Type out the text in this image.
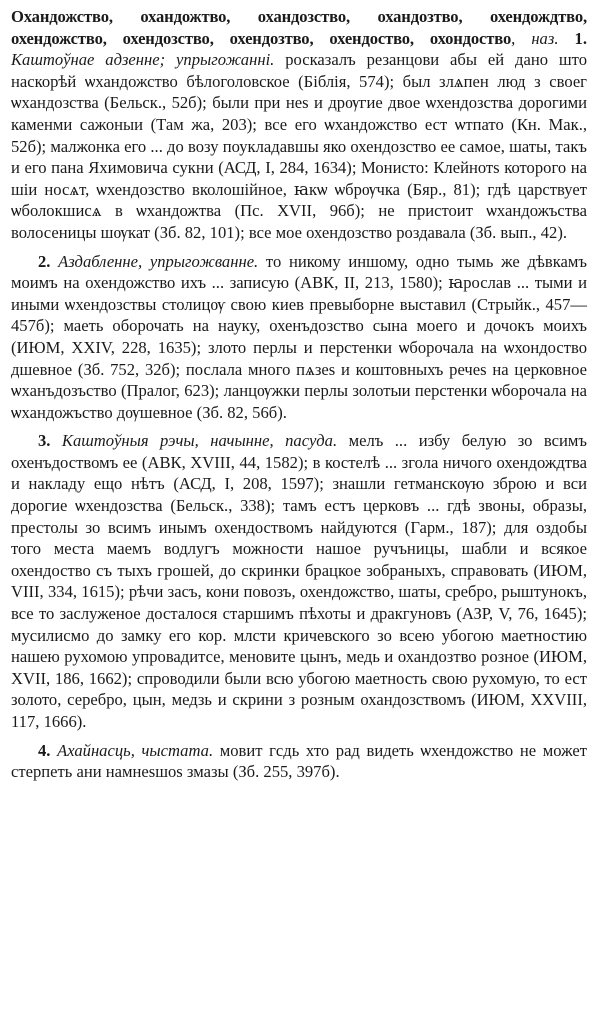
Охандожство, охандожтво, охандозство, охандозтво, охендождтво, охендожство, охендозство, охендозтво, охендоство, охондоство, наз. 1. Каштоўнае адзенне; упрыгожанні. росказалъ резанцови абы ей дано што наскорѣй ѡхандожство бѣлоголовское (Біблія, 574); был злѧпен люд з своег ѡхандозства (Бельск., 52б); были при неѕ и дрѹгие двое ѡхендозства дорогими каменми сажоныи (Там жа, 203); все его ѡхандожство ест ѡтпато (Кн. Мак., 52б); малжонка его ... до возу поукладавшы яко охендозство ее самое, шаты, такъ и его пана Яхимовича сукни (АСД, І, 284, 1634); Монисто: Клейнотѕ которого на шіи носѧт, ѡхендозство вколошійное, ꙗкѡ ѡбрѹчка (Бяр., 81); гдѣ царствует ѡболокшисѧ в ѡхандожтва (Пс. XVII, 96б); не пристоит ѡхандожъства волосеницы шѹкат (Зб. 82, 101); все мое охендозство роздавала (Зб. вып., 42).

2. Аздабленне, упрыгожванне. то никому иншому, одно тымь же дѣвкамъ моимъ на охендожство ихъ ... записую (АВК, ІІ, 213, 1580); ꙗрослав ... тыми и иными ѡхендозствы столицѹ свою киев превыборне выставил (Стрыйк., 457—457б); маеть оборочать на науку, охенъдозство сына моего и дочокъ моихъ (ИЮМ, XXIV, 228, 1635); злото перлы и перстенки ѡборочала на ѡхондоство дшевное (Зб. 752, 32б); послала много пѧзеѕ и коштовныхъ речеѕ на церковное ѡханъдозъство (Пралог, 623); ланцѹжки перлы золотыи перстенки ѡборочала на ѡхандожъство дѹшевное (Зб. 82, 56б).

3. Каштоўныя рэчы, начынне, пасуда. мелъ ... избу белую зо всимъ охенъдоствомъ ее (АВК, XVIII, 44, 1582); в костелѣ ... згола ничого охендождтва и накладу ещо нѣтъ (АСД, І, 208, 1597); знашли гетманскѹю зброю и вси дорогие ѡхендозства (Бельск., 338); тамъ естъ церковъ ... гдѣ звоны, образы, престолы зо всимъ инымъ охендоствомъ найдуются (Гарм., 187); для оздобы того места маемъ водлугъ можности нашое ручъницы, шабли и всякое охендоство съ тыхъ грошей, до скринки брацкое зобраныхъ, справовать (ИЮМ, VIII, 334, 1615); рѣчи засъ, кони повозъ, охендожство, шаты, сребро, рыштунокъ, все то заслуженое досталося старшимъ пѣхоты и дракгуновъ (АЗР, V, 76, 1645); мусилисмо до замку его кор. млсти кричевского зо всею убогою маетностию нашею рухомою упровадитсе, меновите цынъ, медь и охандозтво розное (ИЮМ, XVII, 186, 1662); спроводили были всю убогою маетность свою рухомую, то ест золото, серебро, цын, медзь и скрини з розным охандозствомъ (ИЮМ, XXVIII, 117, 1666).

4. Ахайнасць, чыстата. мовит гсдь хто рад видеть ѡхендожство не может стерпеть ани намнеѕшоѕ змазы (Зб. 255, 397б).
